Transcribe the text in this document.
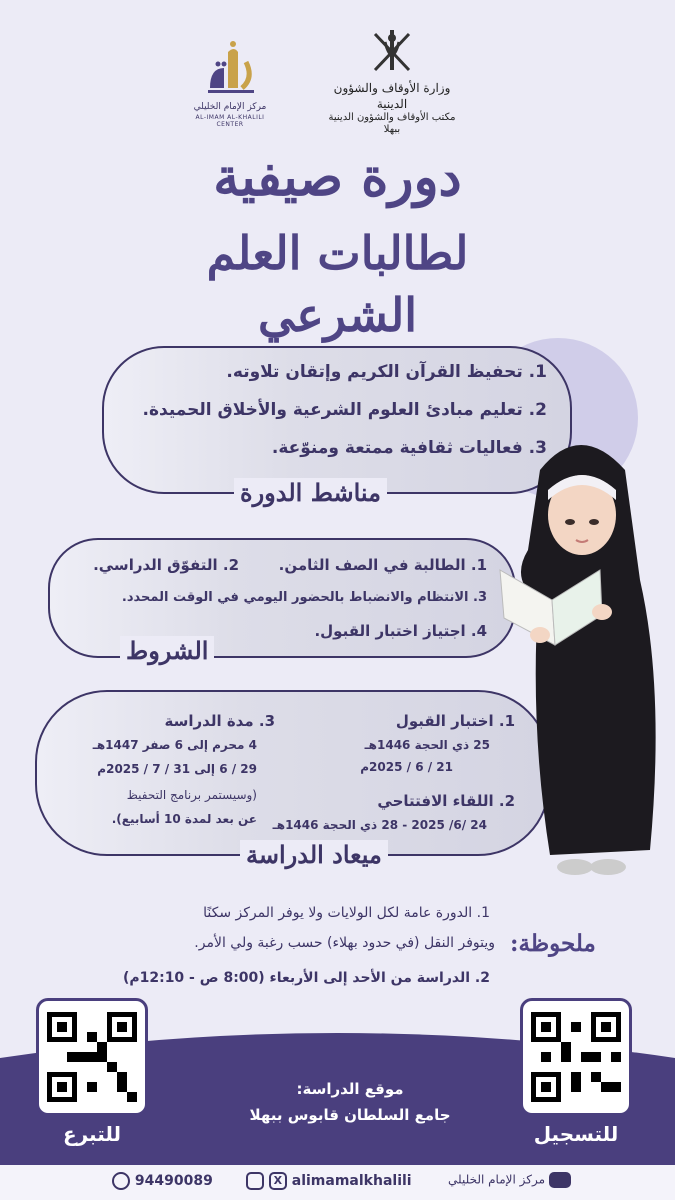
مركز الإمام الخليلي
AL-IMAM AL-KHALILI CENTER
وزارة الأوقاف والشؤون الدينية
مكتب الأوقاف والشؤون الدينية ببهلا
دورة صيفية
لطالبات العلم الشرعي
1. تحفيظ القرآن الكريم وإتقان تلاوته.
2. تعليم مبادئ العلوم الشرعية والأخلاق الحميدة.
3. فعاليات ثقافية ممتعة ومنوّعة.
مناشط الدورة
1. الطالبة في الصف الثامن.
2. التفوّق الدراسي.
3. الانتظام والانضباط بالحضور اليومي في الوقت المحدد.
4. اجتياز اختبار القبول.
الشروط
1. اختبار القبول
25 ذي الحجة 1446هـ
21 / 6 / 2025م
2. اللقاء الافتتاحي
24 /6/ 2025 - 28 ذي الحجة 1446هـ
3. مدة الدراسة
4 محرم إلى 6 صفر 1447هـ
29 / 6 إلى 31 / 7 / 2025م
(وسيستمر برنامج التحفيظ
عن بعد لمدة 10 أسابيع).
ميعاد الدراسة
ملحوظة:
1. الدورة عامة لكل الولايات ولا يوفر المركز سكنًا
ويتوفر النقل (في حدود بهلاء) حسب رغبة ولي الأمر.
2. الدراسة من الأحد إلى الأربعاء (8:00 ص - 12:10م)
للتسجيل
للتبرع
موقع الدراسة:
جامع السلطان قابوس ببهلا
94490089	X alimamalkhalili	مركز الإمام الخليلي
